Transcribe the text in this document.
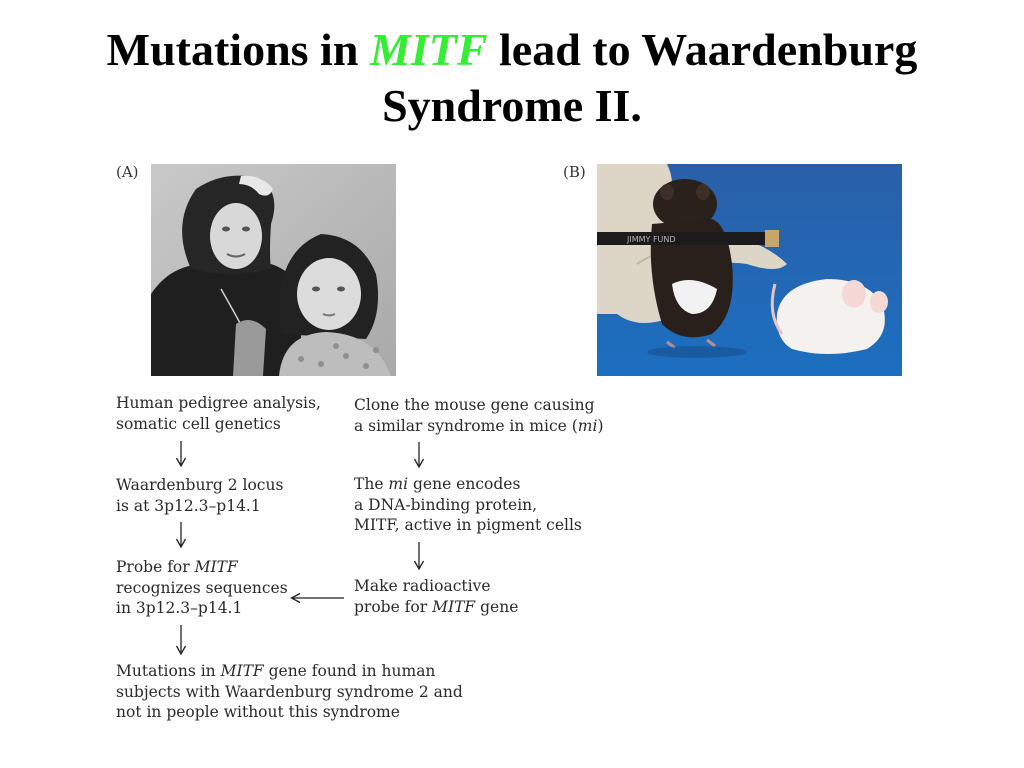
Mutations in MITF lead to Waardenburg
Syndrome II.
(A)	(B)
JIMMY FUND
Human pedigree analysis,
somatic cell genetics
Waardenburg 2 locus
is at 3p12.3–p14.1
Probe for MITF
recognizes sequences
in 3p12.3–p14.1
Mutations in MITF gene found in human
subjects with Waardenburg syndrome 2 and
not in people without this syndrome
Clone the mouse gene causing
a similar syndrome in mice (mi)
The mi gene encodes
a DNA-binding protein,
MITF, active in pigment cells
Make radioactive
probe for MITF gene
